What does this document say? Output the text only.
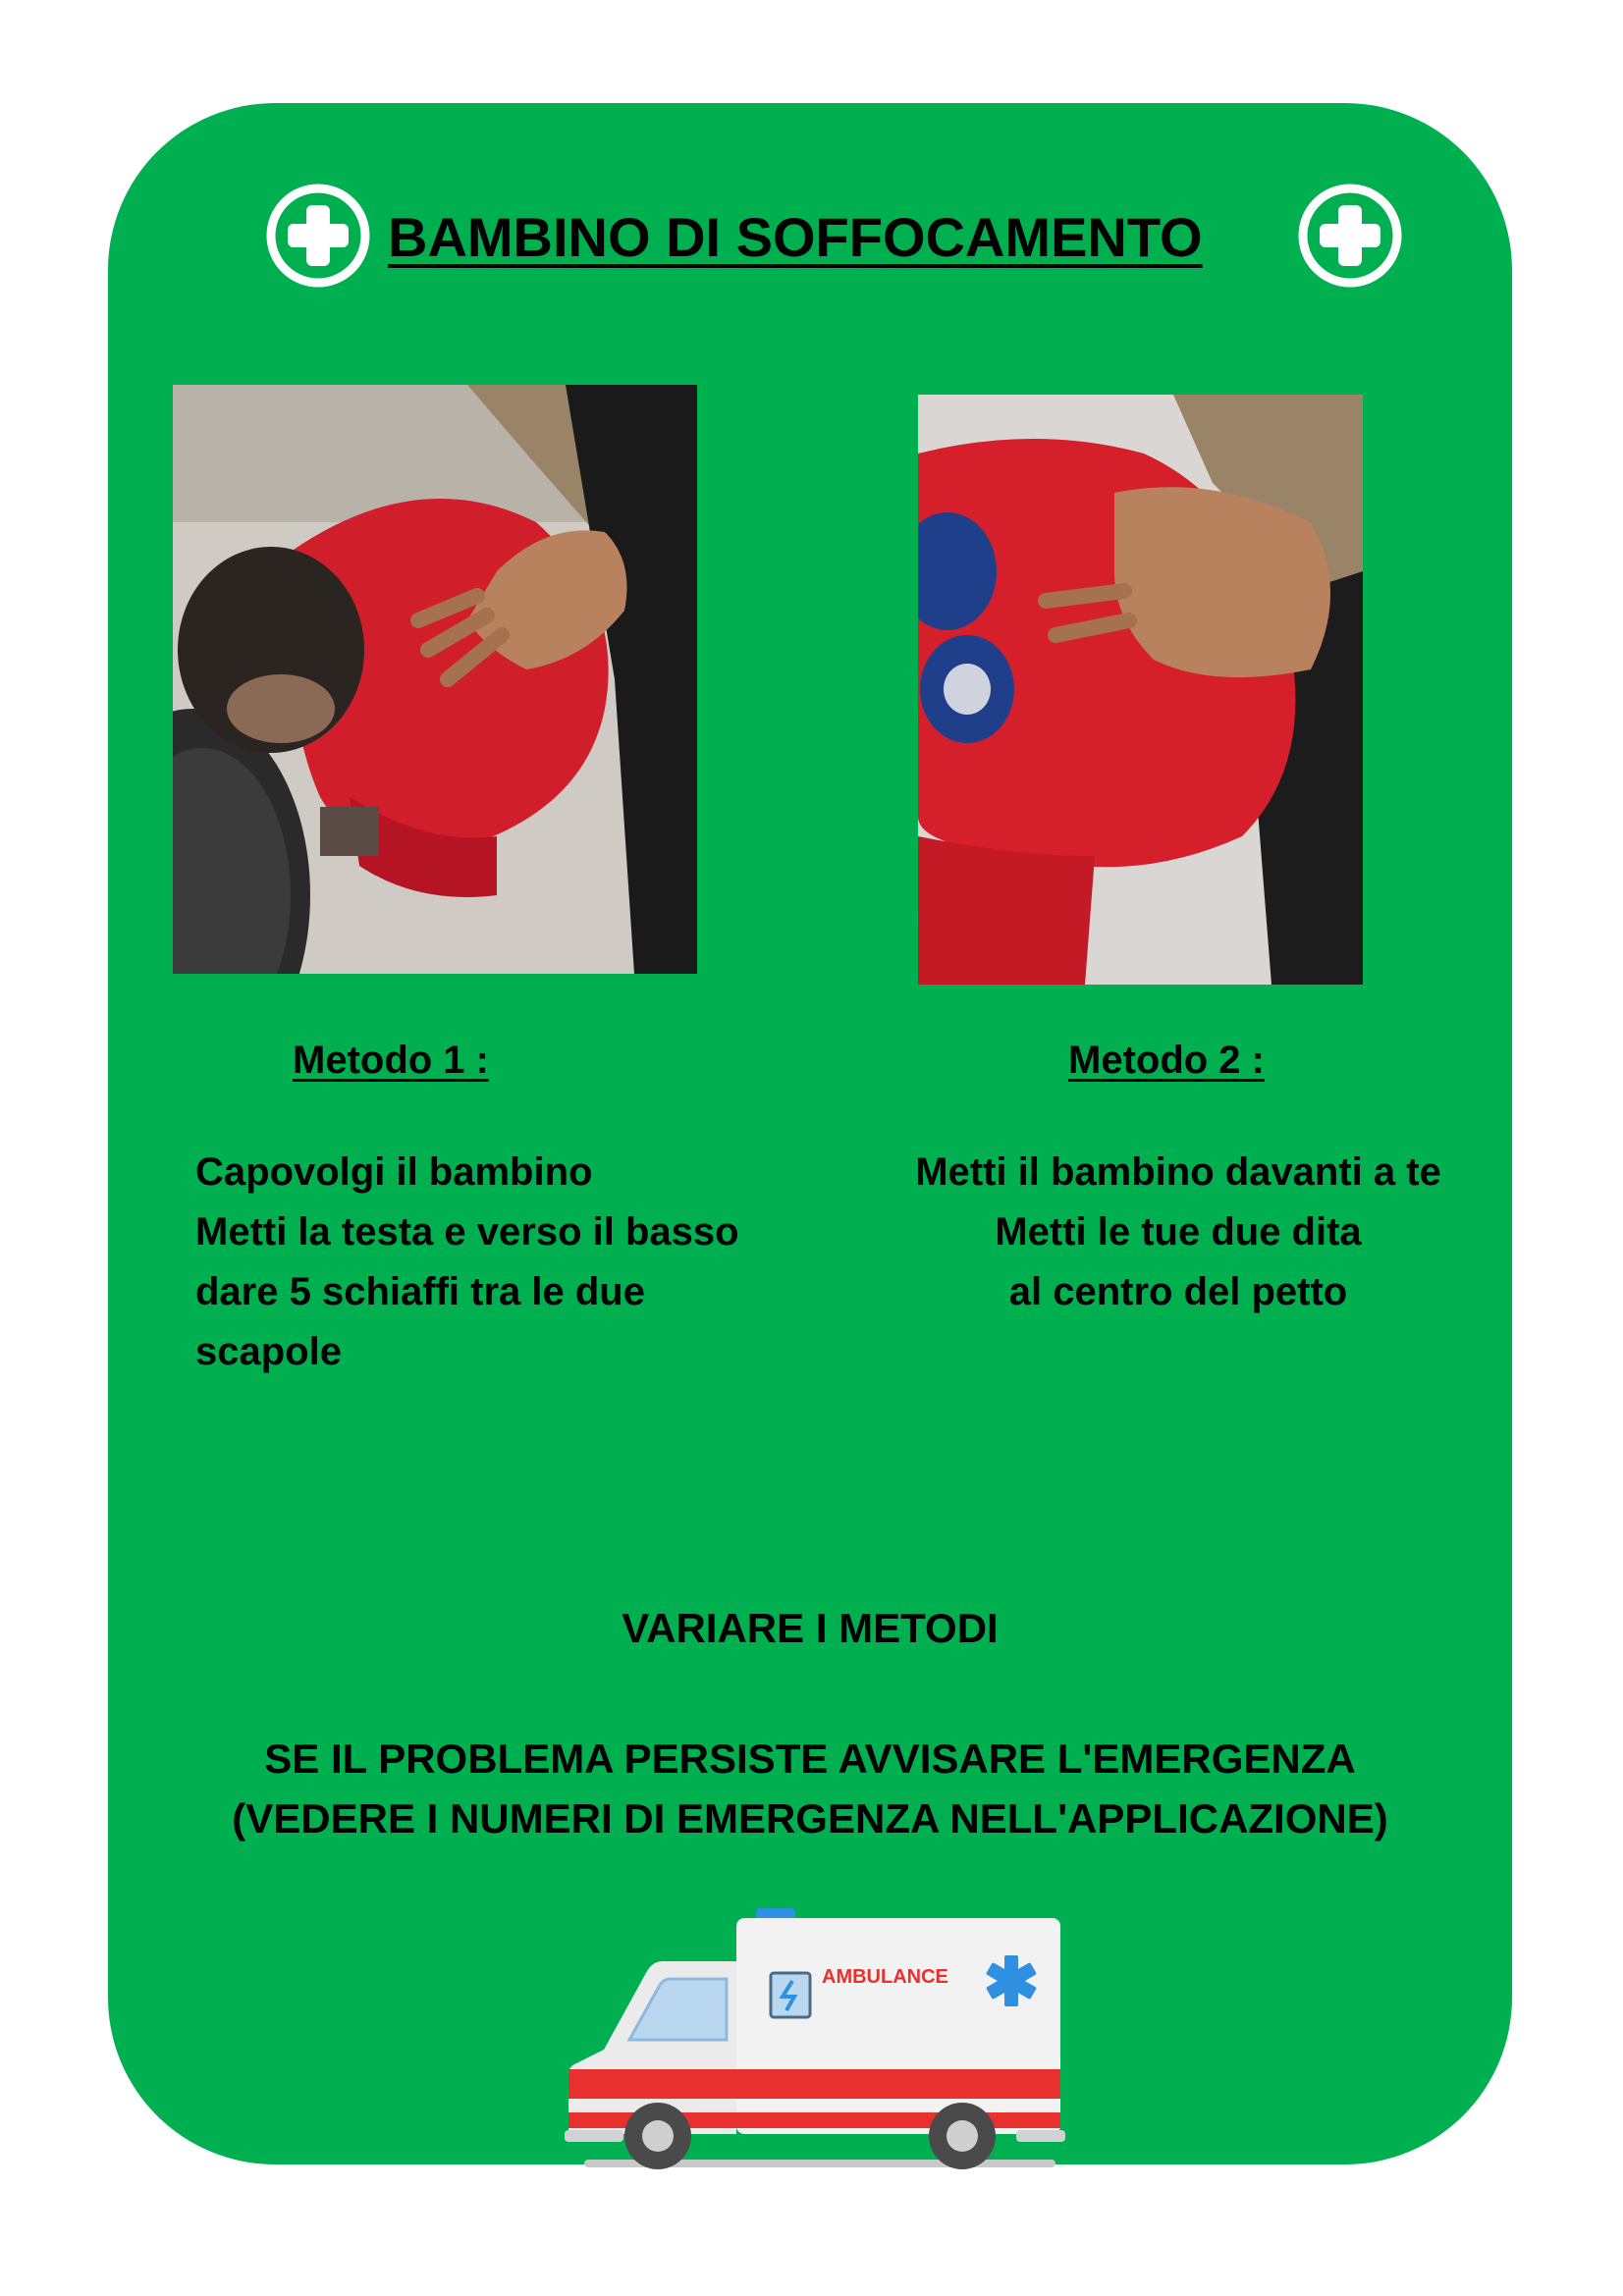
BAMBINO DI SOFFOCAMENTO
Metodo 1 :	Metodo 2 :
Capovolgi il bambino
Metti la testa e verso il basso
dare 5 schiaffi tra le due
scapole
Metti il bambino davanti a te
Metti le tue due dita
al centro del petto
VARIARE I METODI
SE IL PROBLEMA PERSISTE AVVISARE L'EMERGENZA
(VEDERE I NUMERI DI EMERGENZA NELL'APPLICAZIONE)
AMBULANCE
